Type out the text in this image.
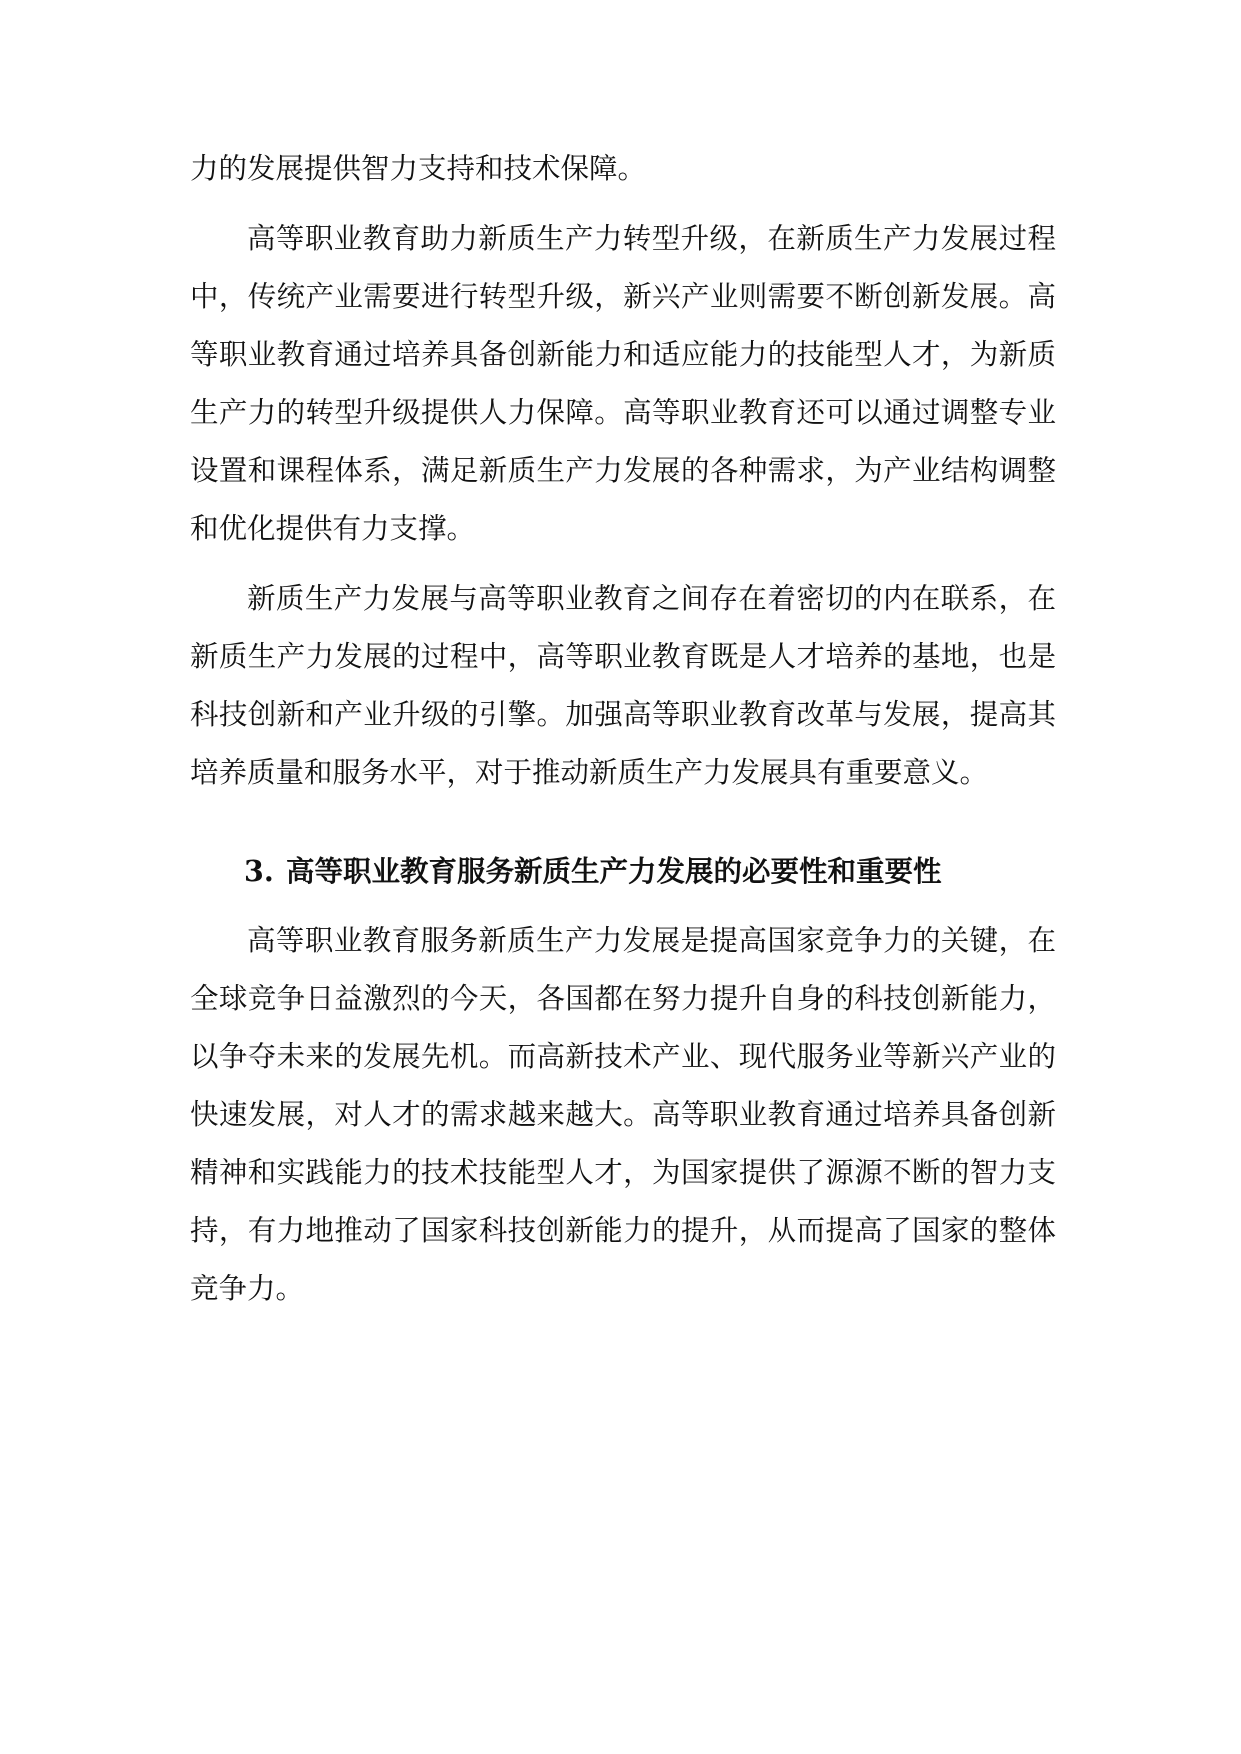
力的发展提供智力支持和技术保障。

高等职业教育助力新质生产力转型升级，在新质生产力发展过程中，传统产业需要进行转型升级，新兴产业则需要不断创新发展。高等职业教育通过培养具备创新能力和适应能力的技能型人才，为新质生产力的转型升级提供人力保障。高等职业教育还可以通过调整专业设置和课程体系，满足新质生产力发展的各种需求，为产业结构调整和优化提供有力支撑。

新质生产力发展与高等职业教育之间存在着密切的内在联系，在新质生产力发展的过程中，高等职业教育既是人才培养的基地，也是科技创新和产业升级的引擎。加强高等职业教育改革与发展，提高其培养质量和服务水平，对于推动新质生产力发展具有重要意义。

3. 高等职业教育服务新质生产力发展的必要性和重要性

高等职业教育服务新质生产力发展是提高国家竞争力的关键，在全球竞争日益激烈的今天，各国都在努力提升自身的科技创新能力，以争夺未来的发展先机。而高新技术产业、现代服务业等新兴产业的快速发展，对人才的需求越来越大。高等职业教育通过培养具备创新精神和实践能力的技术技能型人才，为国家提供了源源不断的智力支持，有力地推动了国家科技创新能力的提升，从而提高了国家的整体竞争力。
